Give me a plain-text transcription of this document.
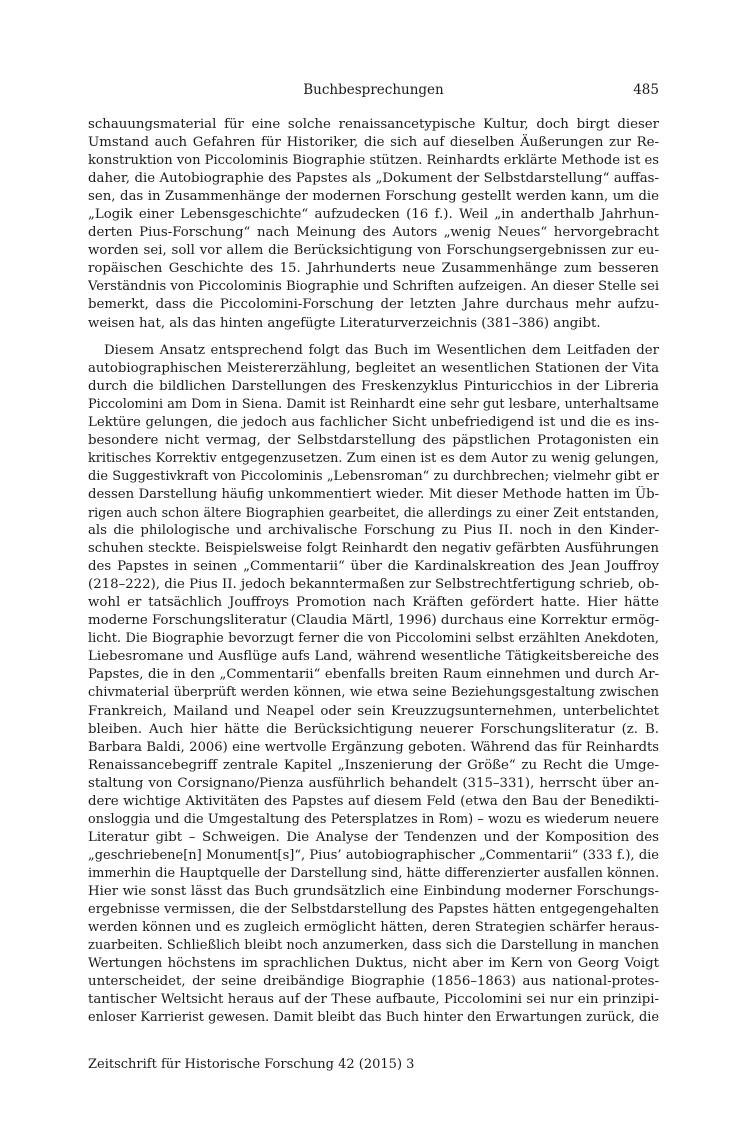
Buchbesprechungen	485

schauungsmaterial für eine solche renaissancetypische Kultur, doch birgt dieser
Umstand auch Gefahren für Historiker, die sich auf dieselben Äußerungen zur Re-
konstruktion von Piccolominis Biographie stützen. Reinhardts erklärte Methode ist es
daher, die Autobiographie des Papstes als „Dokument der Selbstdarstellung“ auffas-
sen, das in Zusammenhänge der modernen Forschung gestellt werden kann, um die
„Logik einer Lebensgeschichte“ aufzudecken (16 f.). Weil „in anderthalb Jahrhun-
derten Pius-Forschung“ nach Meinung des Autors „wenig Neues“ hervorgebracht
worden sei, soll vor allem die Berücksichtigung von Forschungsergebnissen zur eu-
ropäischen Geschichte des 15. Jahrhunderts neue Zusammenhänge zum besseren
Verständnis von Piccolominis Biographie und Schriften aufzeigen. An dieser Stelle sei
bemerkt, dass die Piccolomini-Forschung der letzten Jahre durchaus mehr aufzu-
weisen hat, als das hinten angefügte Literaturverzeichnis (381–386) angibt.

Diesem Ansatz entsprechend folgt das Buch im Wesentlichen dem Leitfaden der
autobiographischen Meistererzählung, begleitet an wesentlichen Stationen der Vita
durch die bildlichen Darstellungen des Freskenzyklus Pinturicchios in der Libreria
Piccolomini am Dom in Siena. Damit ist Reinhardt eine sehr gut lesbare, unterhaltsame
Lektüre gelungen, die jedoch aus fachlicher Sicht unbefriedigend ist und die es ins-
besondere nicht vermag, der Selbstdarstellung des päpstlichen Protagonisten ein
kritisches Korrektiv entgegenzusetzen. Zum einen ist es dem Autor zu wenig gelungen,
die Suggestivkraft von Piccolominis „Lebensroman“ zu durchbrechen; vielmehr gibt er
dessen Darstellung häufig unkommentiert wieder. Mit dieser Methode hatten im Üb-
rigen auch schon ältere Biographien gearbeitet, die allerdings zu einer Zeit entstanden,
als die philologische und archivalische Forschung zu Pius II. noch in den Kinder-
schuhen steckte. Beispielsweise folgt Reinhardt den negativ gefärbten Ausführungen
des Papstes in seinen „Commentarii“ über die Kardinalskreation des Jean Jouffroy
(218–222), die Pius II. jedoch bekanntermaßen zur Selbstrechtfertigung schrieb, ob-
wohl er tatsächlich Jouffroys Promotion nach Kräften gefördert hatte. Hier hätte
moderne Forschungsliteratur (Claudia Märtl, 1996) durchaus eine Korrektur ermög-
licht. Die Biographie bevorzugt ferner die von Piccolomini selbst erzählten Anekdoten,
Liebesromane und Ausflüge aufs Land, während wesentliche Tätigkeitsbereiche des
Papstes, die in den „Commentarii“ ebenfalls breiten Raum einnehmen und durch Ar-
chivmaterial überprüft werden können, wie etwa seine Beziehungsgestaltung zwischen
Frankreich, Mailand und Neapel oder sein Kreuzzugsunternehmen, unterbelichtet
bleiben. Auch hier hätte die Berücksichtigung neuerer Forschungsliteratur (z. B.
Barbara Baldi, 2006) eine wertvolle Ergänzung geboten. Während das für Reinhardts
Renaissancebegriff zentrale Kapitel „Inszenierung der Größe“ zu Recht die Umge-
staltung von Corsignano/Pienza ausführlich behandelt (315–331), herrscht über an-
dere wichtige Aktivitäten des Papstes auf diesem Feld (etwa den Bau der Benedikti-
onsloggia und die Umgestaltung des Petersplatzes in Rom) – wozu es wiederum neuere
Literatur gibt – Schweigen. Die Analyse der Tendenzen und der Komposition des
„geschriebene[n] Monument[s]“, Pius’ autobiographischer „Commentarii“ (333 f.), die
immerhin die Hauptquelle der Darstellung sind, hätte differenzierter ausfallen können.
Hier wie sonst lässt das Buch grundsätzlich eine Einbindung moderner Forschungs-
ergebnisse vermissen, die der Selbstdarstellung des Papstes hätten entgegengehalten
werden können und es zugleich ermöglicht hätten, deren Strategien schärfer heraus-
zuarbeiten. Schließlich bleibt noch anzumerken, dass sich die Darstellung in manchen
Wertungen höchstens im sprachlichen Duktus, nicht aber im Kern von Georg Voigt
unterscheidet, der seine dreibändige Biographie (1856–1863) aus national-protes-
tantischer Weltsicht heraus auf der These aufbaute, Piccolomini sei nur ein prinzipi-
enloser Karrierist gewesen. Damit bleibt das Buch hinter den Erwartungen zurück, die

Zeitschrift für Historische Forschung 42 (2015) 3
